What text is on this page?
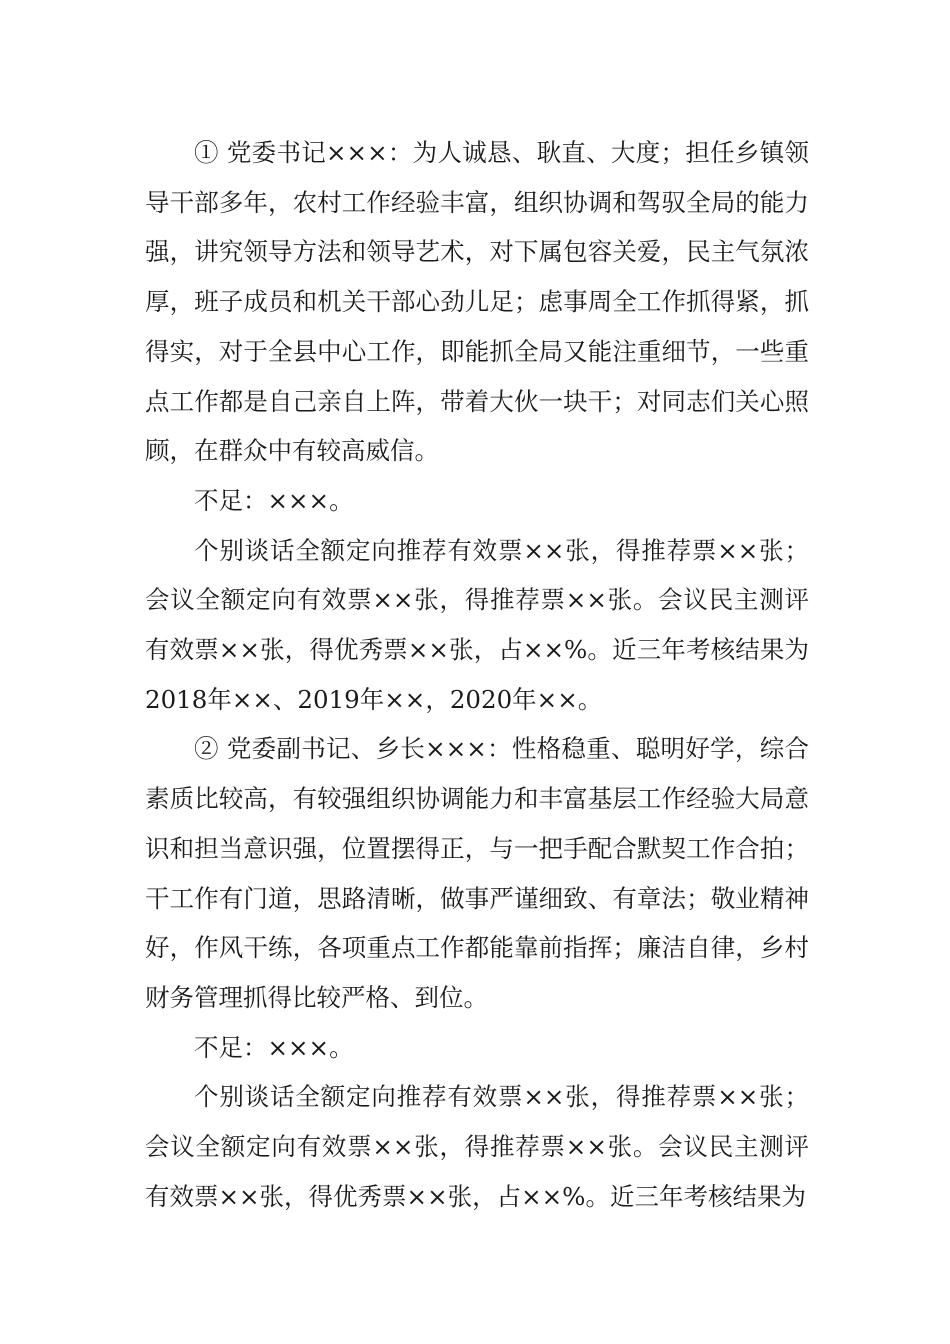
① 党委书记×××：为人诚恳、耿直、大度；担任乡镇领导干部多年，农村工作经验丰富，组织协调和驾驭全局的能力强，讲究领导方法和领导艺术，对下属包容关爱，民主气氛浓厚，班子成员和机关干部心劲儿足；虑事周全工作抓得紧，抓得实，对于全县中心工作，即能抓全局又能注重细节，一些重点工作都是自己亲自上阵，带着大伙一块干；对同志们关心照顾，在群众中有较高威信。

不足：×××。

个别谈话全额定向推荐有效票××张，得推荐票××张；会议全额定向有效票××张，得推荐票××张。会议民主测评有效票××张，得优秀票××张，占××%。近三年考核结果为2018年××、2019年××，2020年××。

② 党委副书记、乡长×××：性格稳重、聪明好学，综合素质比较高，有较强组织协调能力和丰富基层工作经验大局意识和担当意识强，位置摆得正，与一把手配合默契工作合拍；干工作有门道，思路清晰，做事严谨细致、有章法；敬业精神好，作风干练，各项重点工作都能靠前指挥；廉洁自律，乡村财务管理抓得比较严格、到位。

不足：×××。

个别谈话全额定向推荐有效票××张，得推荐票××张；会议全额定向有效票××张，得推荐票××张。会议民主测评有效票××张，得优秀票××张，占××%。近三年考核结果为
